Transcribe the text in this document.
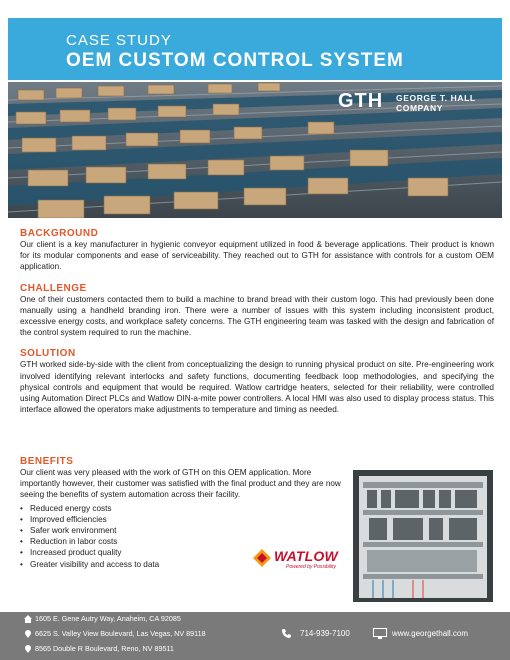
CASE STUDY
OEM CUSTOM CONTROL SYSTEM
GTH GEORGE T. HALL
COMPANY
BACKGROUND

Our client is a key manufacturer in hygienic conveyor equipment utilized in food & beverage applications. Their product is known for its modular components and ease of serviceability. They reached out to GTH for assistance with controls for a custom OEM application.

CHALLENGE

One of their customers contacted them to build a machine to brand bread with their custom logo. This had previously been done manually using a handheld branding iron. There were a number of issues with this system including inconsistent product, excessive energy costs, and workplace safety concerns. The GTH engineering team was tasked with the design and fabrication of the control system required to run the machine.

SOLUTION

GTH worked side-by-side with the client from conceptualizing the design to running physical product on site. Pre-engineering work involved identifying relevant interlocks and safety functions, documenting feedback loop methodologies, and specifying the physical controls and equipment that would be required. Watlow cartridge heaters, selected for their reliability, were controlled using Automation Direct PLCs and Watlow DIN-a-mite power controllers. A local HMI was also used to display process status. This interface allowed the operators make adjustments to temperature and timing as needed.

BENEFITS

Our client was very pleased with the work of GTH on this OEM application. More importantly however, their customer was satisfied with the final product and they are now seeing the benefits of system automation across their facility.

• Reduced energy costs
• Improved efficiencies
• Safer work environment
• Reduction in labor costs
• Increased product quality
• Greater visibility and access to data
WATLOW
Powered by Possibility
1605 E. Gene Autry Way, Anaheim, CA 92085
6625 S. Valley View Boulevard, Las Vegas, NV 89118
8565 Double R Boulevard, Reno, NV 89511
714-939-7100	www.georgethall.com
